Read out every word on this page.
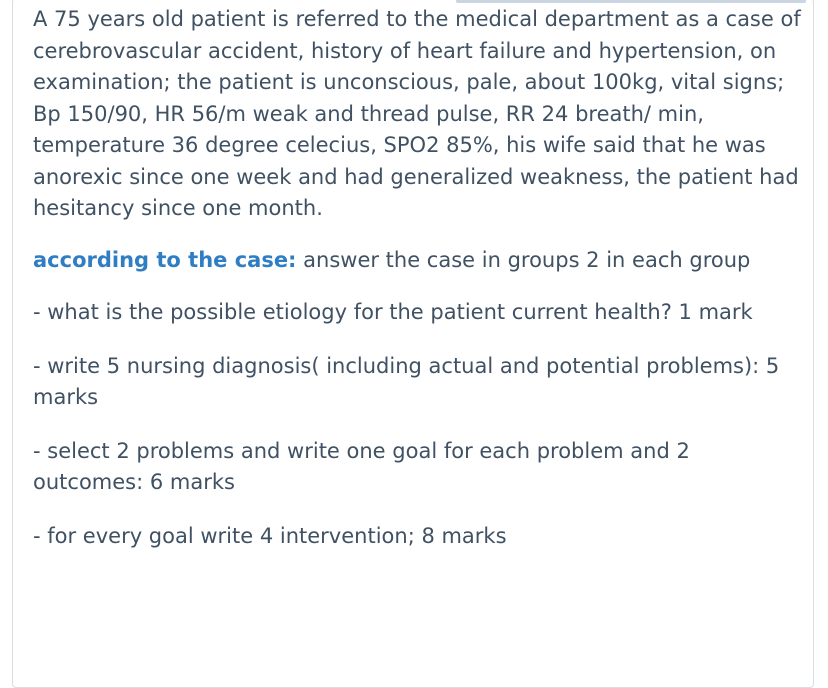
A 75 years old patient is referred to the medical department as a case of cerebrovascular accident, history of heart failure and hypertension, on examination; the patient is unconscious, pale, about 100kg, vital signs; Bp 150/90, HR 56/m weak and thread pulse, RR 24 breath/ min, temperature 36 degree celecius, SPO2 85%, his wife said that he was anorexic since one week and had generalized weakness, the patient had hesitancy since one month.

according to the case: answer the case in groups 2 in each group

- what is the possible etiology for the patient current health? 1 mark

- write 5 nursing diagnosis( including actual and potential problems): 5 marks

- select 2 problems and write one goal for each problem and 2 outcomes: 6 marks

- for every goal write 4 intervention; 8 marks
